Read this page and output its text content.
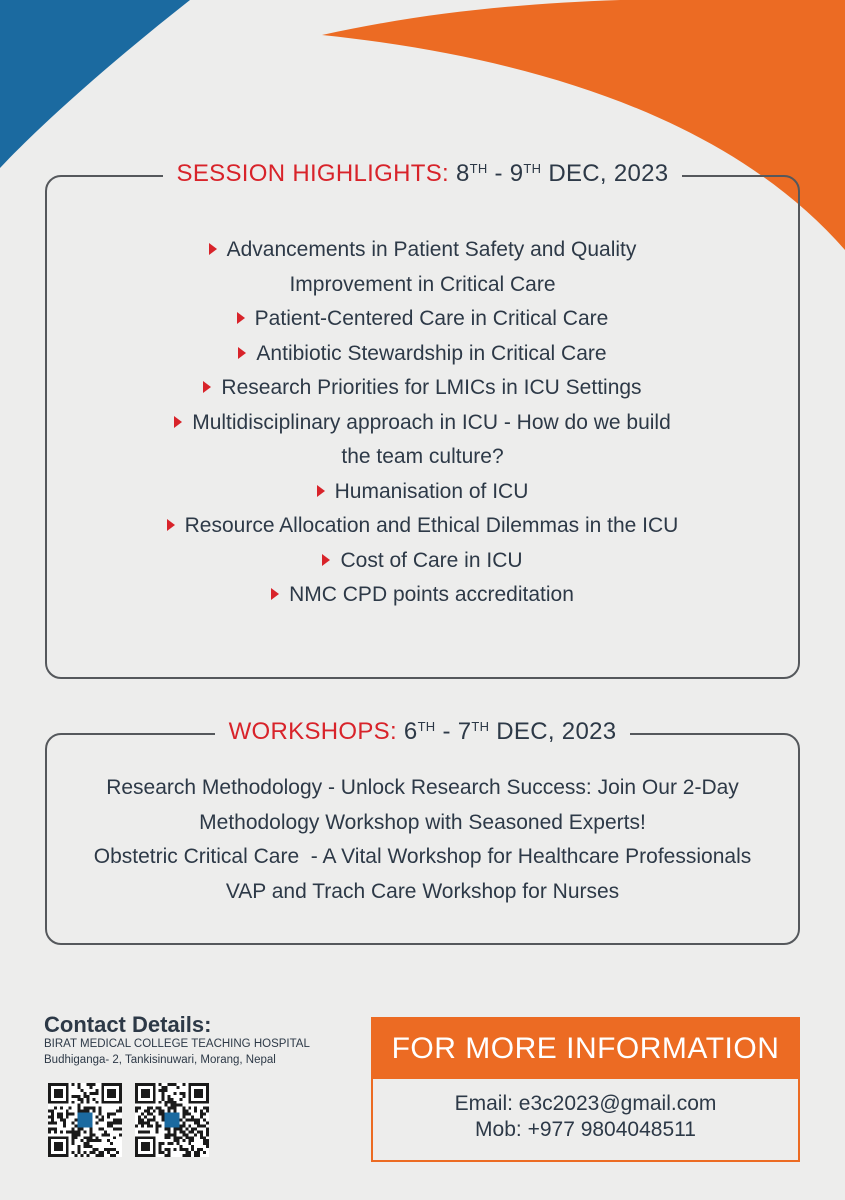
SESSION HIGHLIGHTS: 8TH - 9TH DEC, 2023
Advancements in Patient Safety and Quality
Improvement in Critical Care
Patient-Centered Care in Critical Care
Antibiotic Stewardship in Critical Care
Research Priorities for LMICs in ICU Settings
Multidisciplinary approach in ICU - How do we build
the team culture?
Humanisation of ICU
Resource Allocation and Ethical Dilemmas in the ICU
Cost of Care in ICU
NMC CPD points accreditation
WORKSHOPS: 6TH - 7TH DEC, 2023
Research Methodology - Unlock Research Success: Join Our 2-Day
Methodology Workshop with Seasoned Experts!
Obstetric Critical Care  - A Vital Workshop for Healthcare Professionals
VAP and Trach Care Workshop for Nurses
Contact Details:
BIRAT MEDICAL COLLEGE TEACHING HOSPITAL
Budhiganga- 2, Tankisinuwari, Morang, Nepal	FOR MORE INFORMATION
Email: e3c2023@gmail.com
Mob: +977 9804048511
